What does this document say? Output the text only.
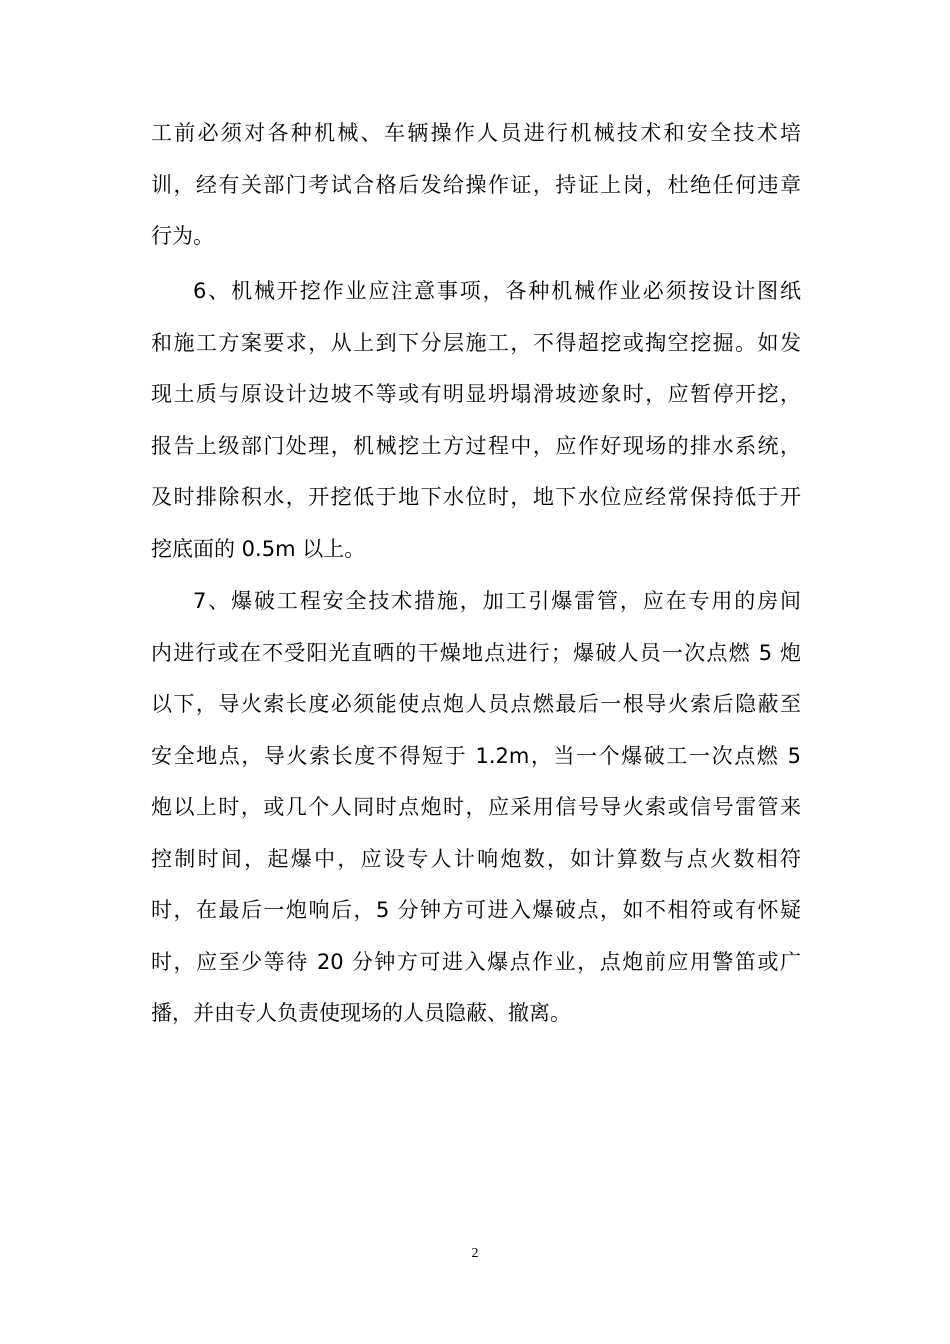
工前必须对各种机械、车辆操作人员进行机械技术和安全技术培
训，经有关部门考试合格后发给操作证，持证上岗，杜绝任何违章
行为。
6、机械开挖作业应注意事项，各种机械作业必须按设计图纸
和施工方案要求，从上到下分层施工，不得超挖或掏空挖掘。如发
现土质与原设计边坡不等或有明显坍塌滑坡迹象时，应暂停开挖，
报告上级部门处理，机械挖土方过程中，应作好现场的排水系统，
及时排除积水，开挖低于地下水位时，地下水位应经常保持低于开
挖底面的 0.5m 以上。
7、爆破工程安全技术措施，加工引爆雷管，应在专用的房间
内进行或在不受阳光直晒的干燥地点进行；爆破人员一次点燃 5 炮
以下，导火索长度必须能使点炮人员点燃最后一根导火索后隐蔽至
安全地点，导火索长度不得短于 1.2m，当一个爆破工一次点燃 5
炮以上时，或几个人同时点炮时，应采用信号导火索或信号雷管来
控制时间，起爆中，应设专人计响炮数，如计算数与点火数相符
时，在最后一炮响后，5 分钟方可进入爆破点，如不相符或有怀疑
时，应至少等待 20 分钟方可进入爆点作业，点炮前应用警笛或广
播，并由专人负责使现场的人员隐蔽、撤离。
2
